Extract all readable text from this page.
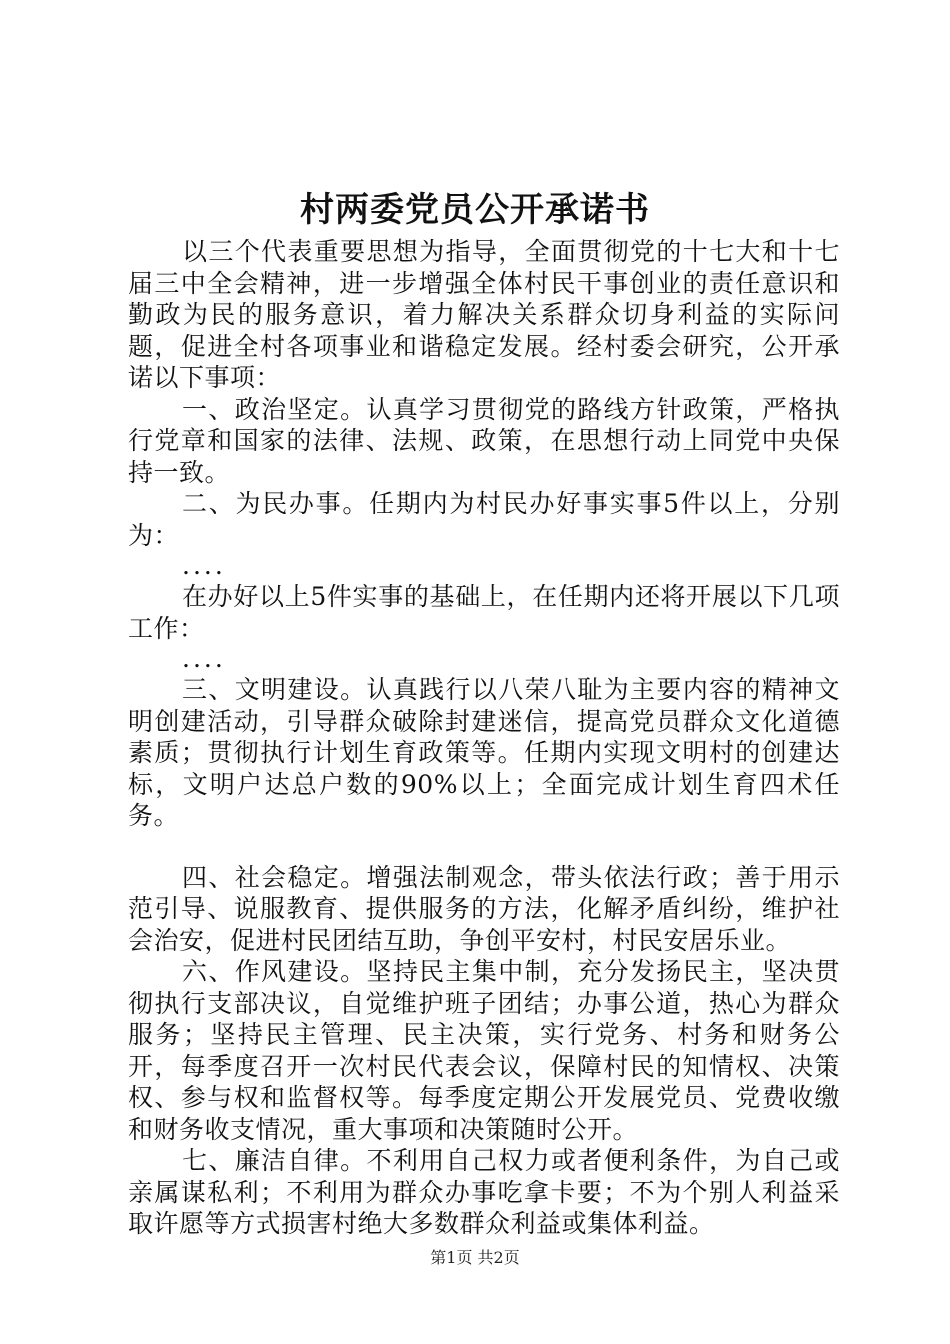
村两委党员公开承诺书

以三个代表重要思想为指导，全面贯彻党的十七大和十七届三中全会精神，进一步增强全体村民干事创业的责任意识和勤政为民的服务意识，着力解决关系群众切身利益的实际问题，促进全村各项事业和谐稳定发展。经村委会研究，公开承诺以下事项：

一、政治坚定。认真学习贯彻党的路线方针政策，严格执行党章和国家的法律、法规、政策，在思想行动上同党中央保持一致。

二、为民办事。任期内为村民办好事实事5件以上，分别为：

....

在办好以上5件实事的基础上，在任期内还将开展以下几项工作：

....

三、文明建设。认真践行以八荣八耻为主要内容的精神文明创建活动，引导群众破除封建迷信，提高党员群众文化道德素质；贯彻执行计划生育政策等。任期内实现文明村的创建达标，文明户达总户数的90%以上；全面完成计划生育四术任务。

四、社会稳定。增强法制观念，带头依法行政；善于用示范引导、说服教育、提供服务的方法，化解矛盾纠纷，维护社会治安，促进村民团结互助，争创平安村，村民安居乐业。

六、作风建设。坚持民主集中制，充分发扬民主，坚决贯彻执行支部决议，自觉维护班子团结；办事公道，热心为群众服务；坚持民主管理、民主决策，实行党务、村务和财务公开，每季度召开一次村民代表会议，保障村民的知情权、决策权、参与权和监督权等。每季度定期公开发展党员、党费收缴和财务收支情况，重大事项和决策随时公开。

七、廉洁自律。不利用自己权力或者便利条件，为自己或亲属谋私利；不利用为群众办事吃拿卡要；不为个别人利益采取许愿等方式损害村绝大多数群众利益或集体利益。

第1页 共2页
